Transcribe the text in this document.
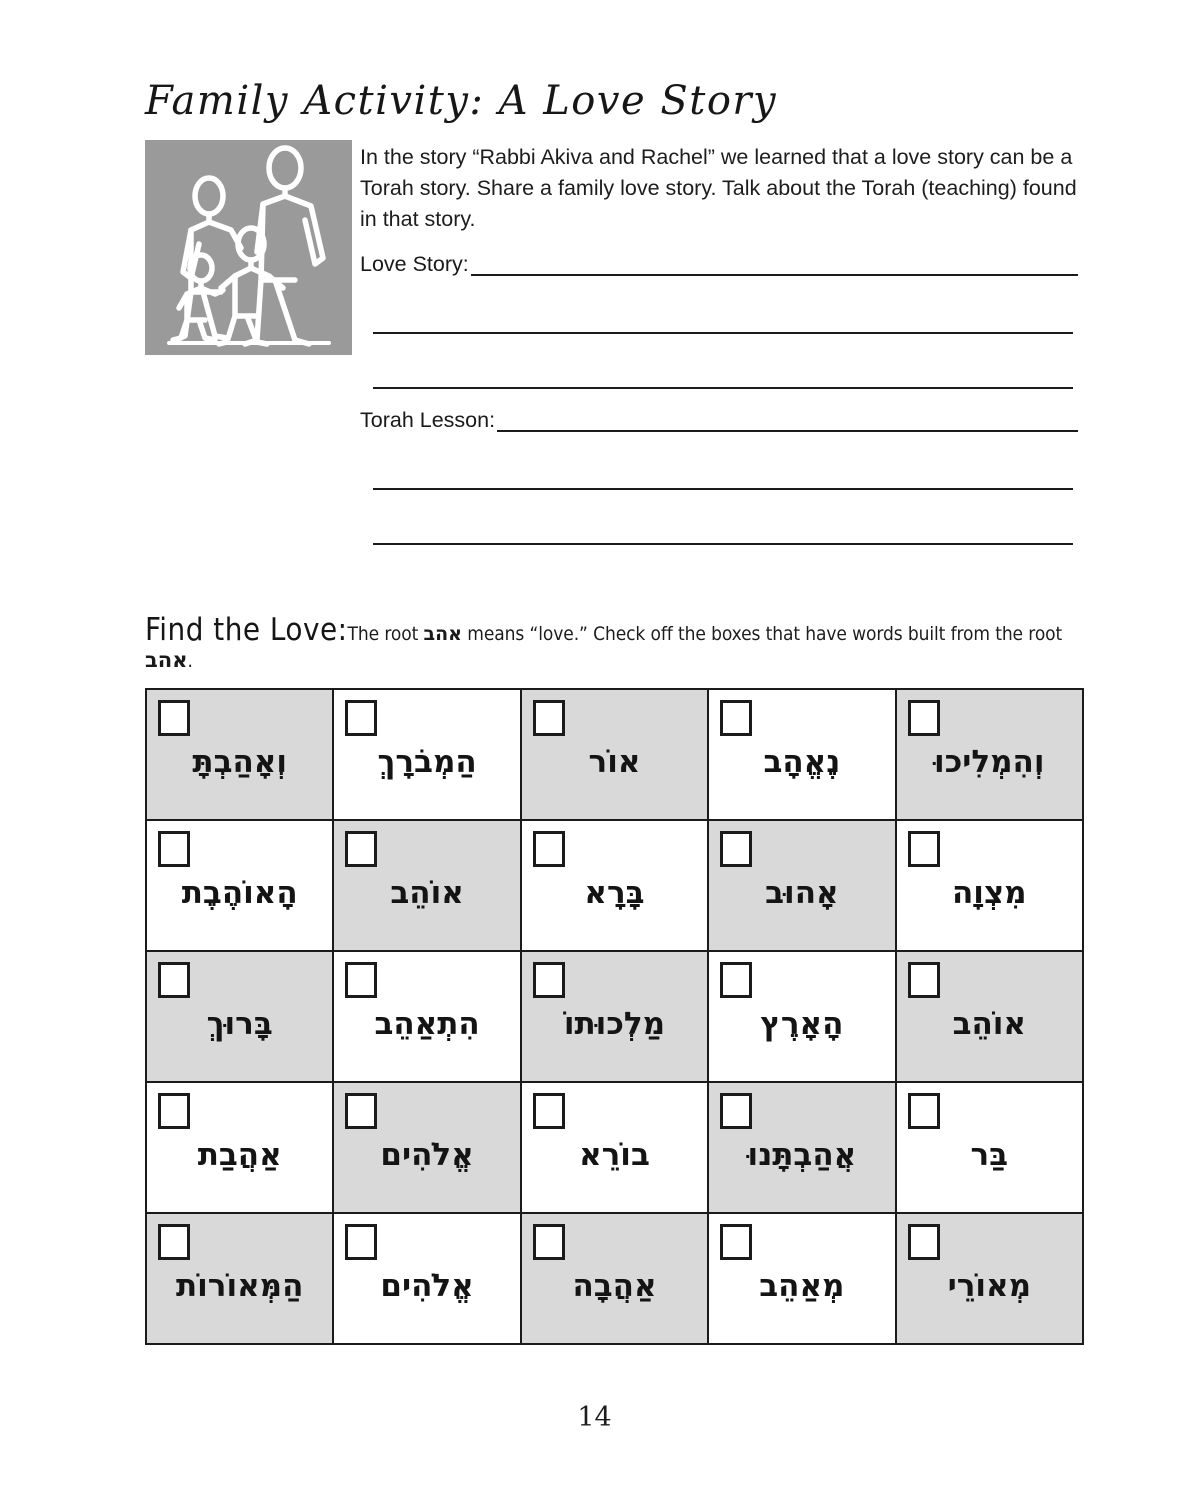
Family Activity: A Love Story
In the story “Rabbi Akiva and Rachel” we learned that a love story can be a Torah story. Share a family love story. Talk about the Torah (teaching) found in that story.
Love Story:
Torah Lesson:
Find the Love:The root אהב means “love.” Check off the boxes that have words built from the root אהב.
וְאָהַבְתָּ	הַמְבֹרָךְ	אוֹר	נֶאֱהָב	וְהִמְלִיכוּ

הָאוֹהֶבֶת	אוֹהֵב	בָּרָא	אָהוּב	מִצְוָה

בָּרוּךְ	הִתְאַהֵב	מַלְכוּתוֹ	הָאָרֶץ	אוֹהֵב

אַהֲבַת	אֱלֹהִים	בוֹרֵא	אֲהַבְתָּנוּ	בַּר

הַמְּאוֹרוֹת	אֱלֹהִים	אַהֲבָה	מְאַהֵב	מְאוֹרֵי
14
